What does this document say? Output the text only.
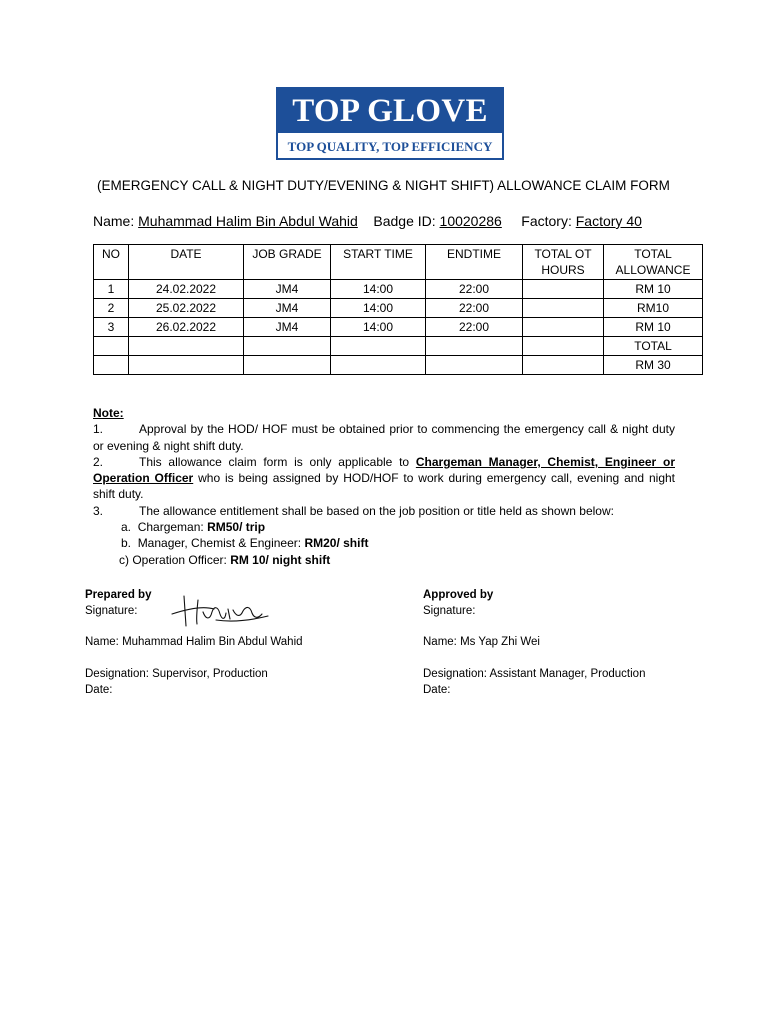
TOP GLOVE
TOP QUALITY, TOP EFFICIENCY
(EMERGENCY CALL & NIGHT DUTY/EVENING & NIGHT SHIFT) ALLOWANCE CLAIM FORM
Name: Muhammad Halim Bin Abdul Wahid Badge ID: 10020286 Factory: Factory 40
NO	DATE	JOB GRADE	START TIME	ENDTIME	TOTAL OT HOURS	TOTAL ALLOWANCE
1	24.02.2022	JM4	14:00	22:00		RM 10
2	25.02.2022	JM4	14:00	22:00		RM10
3	26.02.2022	JM4	14:00	22:00		RM 10
						TOTAL
						RM 30
Note:

1.	Approval by the HOD/ HOF must be obtained prior to commencing the emergency call & night duty or evening & night shift duty.

2.	This allowance claim form is only applicable to Chargeman Manager, Chemist, Engineer or Operation Officer who is being assigned by HOD/HOF to work during emergency call, evening and night shift duty.

3.	The allowance entitlement shall be based on the job position or title held as shown below:

a. Chargeman: RM50/ trip
b. Manager, Chemist & Engineer: RM20/ shift
c) Operation Officer: RM 10/ night shift
Prepared by
Signature:
Name: Muhammad Halim Bin Abdul Wahid
Designation: Supervisor, Production
Date:
Approved by
Signature:
Name: Ms Yap Zhi Wei
Designation: Assistant Manager, Production
Date:
